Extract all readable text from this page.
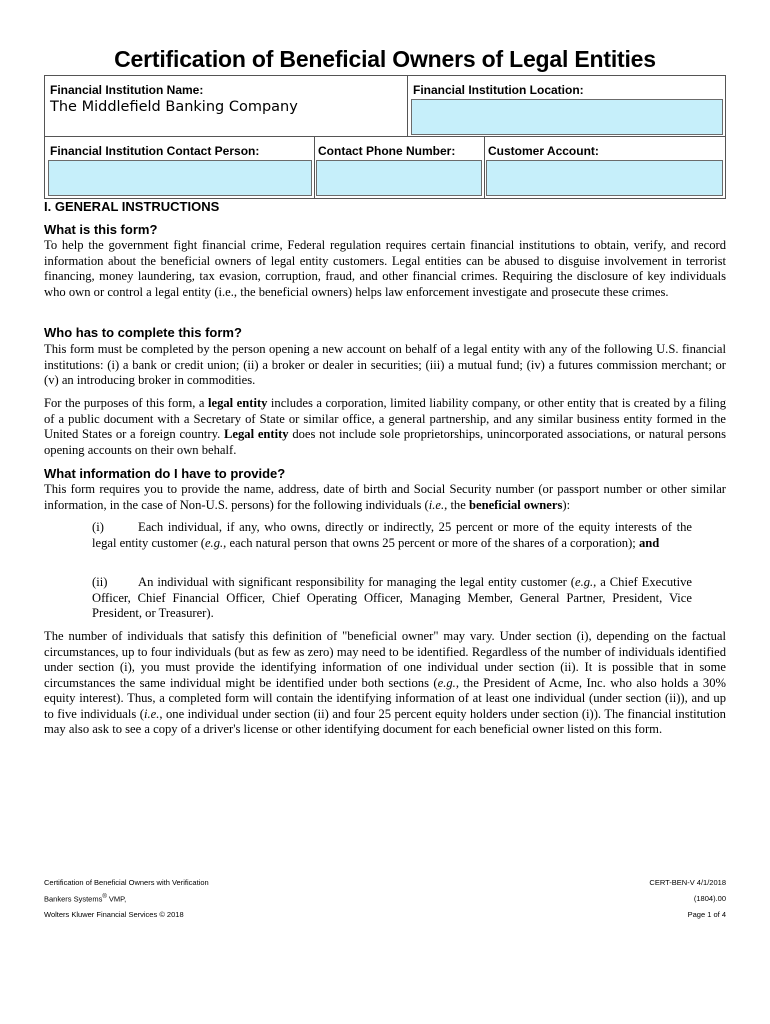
Certification of Beneficial Owners of Legal Entities
Financial Institution Name:
The Middlefield Banking Company
Financial Institution Location:
Financial Institution Contact Person:	Contact Phone Number:	Customer Account:
I. GENERAL INSTRUCTIONS
What is this form?
To help the government fight financial crime, Federal regulation requires certain financial institutions to obtain, verify, and record information about the beneficial owners of legal entity customers. Legal entities can be abused to disguise involvement in terrorist financing, money laundering, tax evasion, corruption, fraud, and other financial crimes. Requiring the disclosure of key individuals who own or control a legal entity (i.e., the beneficial owners) helps law enforcement investigate and prosecute these crimes.
Who has to complete this form?
This form must be completed by the person opening a new account on behalf of a legal entity with any of the following U.S. financial institutions: (i) a bank or credit union; (ii) a broker or dealer in securities; (iii) a mutual fund; (iv) a futures commission merchant; or (v) an introducing broker in commodities.
For the purposes of this form, a legal entity includes a corporation, limited liability company, or other entity that is created by a filing of a public document with a Secretary of State or similar office, a general partnership, and any similar business entity formed in the United States or a foreign country. Legal entity does not include sole proprietorships, unincorporated associations, or natural persons opening accounts on their own behalf.
What information do I have to provide?
This form requires you to provide the name, address, date of birth and Social Security number (or passport number or other similar information, in the case of Non-U.S. persons) for the following individuals (i.e., the beneficial owners):
(i)	Each individual, if any, who owns, directly or indirectly, 25 percent or more of the equity interests of the legal entity customer (e.g., each natural person that owns 25 percent or more of the shares of a corporation); and
(ii) An individual with significant responsibility for managing the legal entity customer (e.g., a Chief Executive Officer, Chief Financial Officer, Chief Operating Officer, Managing Member, General Partner, President, Vice President, or Treasurer).
The number of individuals that satisfy this definition of "beneficial owner" may vary. Under section (i), depending on the factual circumstances, up to four individuals (but as few as zero) may need to be identified. Regardless of the number of individuals identified under section (i), you must provide the identifying information of one individual under section (ii). It is possible that in some circumstances the same individual might be identified under both sections (e.g., the President of Acme, Inc. who also holds a 30% equity interest). Thus, a completed form will contain the identifying information of at least one individual (under section (ii)), and up to five individuals (i.e., one individual under section (ii) and four 25 percent equity holders under section (i)). The financial institution may also ask to see a copy of a driver's license or other identifying document for each beneficial owner listed on this form.
Certification of Beneficial Owners with Verification
Bankers Systems® VMP,
Wolters Kluwer Financial Services © 2018
CERT-BEN-V 4/1/2018
(1804).00
Page 1 of 4
